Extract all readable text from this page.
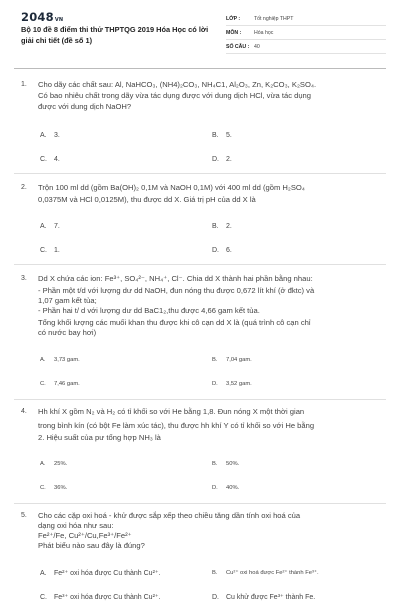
2048VN
Bộ 10 đề 8 điểm thi thử THPTQG 2019 Hóa Học có lời giải chi tiết (đề số 1)
LỚP :	Tốt nghiệp THPT
MÔN : Hóa học
SỐ CÂU : 40
1. Cho dãy các chất sau: Al, NaHCO₃, (NH4)₂CO₃, NH₄C1, Al₂O₃, Zn, K₂CO₃, K₂SO₄.
Có bao nhiêu chất trong dãy vừa tác dụng được với dung dịch HCl, vừa tác dụng
được với dung dịch NaOH?
A. 3.	B. 5.
C. 4.	D. 2.
2. Trộn 100 ml dd (gồm Ba(OH)₂ 0,1M và NaOH 0,1M) với 400 ml dd (gồm H₂SO₄
0,0375M và HCl 0,0125M), thu được dd X. Giá trị pH của dd X là
A. 7.	B. 2.
C. 1.	D. 6.
3. Dd X chứa các ion: Fe³⁺, SO₄²⁻, NH₄⁺, Cl⁻. Chia dd X thành hai phần bằng nhau:
- Phần một t/d với lượng dư dd NaOH, đun nóng thu được 0,672 lít khí (ở đktc) và
1,07 gam kết tủa;
- Phần hai t/ d với lượng dư dd BaC1₂,thu được 4,66 gam kết tủa.
Tổng khối lượng các muối khan thu được khi cô cạn dd X là (quá trình cô cạn chỉ
có nước bay hơi)
A. 3,73 gam.	B. 7,04 gam.
C. 7,46 gam.	D. 3,52 gam.
4. Hh khí X gồm N₂ và H₂ có tỉ khối so với He bằng 1,8. Đun nóng X một thời gian
trong bình kín (có bột Fe làm xúc tác), thu được hh khí Y có tỉ khối so với He bằng
2. Hiệu suất của pư tổng hợp NH₃ là
A. 25%.	B. 50%.
C. 36%.	D. 40%.
5. Cho các cặp oxi hoá - khử được sắp xếp theo chiều tăng dần tính oxi hoá của
dạng oxi hóa như sau:
Fe²⁺/Fe, Cu²⁺/Cu,Fe³⁺/Fe²⁺
Phát biểu nào sau đây là đúng?
A. Fe²⁺ oxi hóa được Cu thành Cu²⁺.	B. Cu²⁺ oxi hoá được Fe²⁺ thành Fe³⁺.
C. Fe³⁺ oxi hóa được Cu thành Cu²⁺.	D. Cu khử được Fe³⁺ thành Fe.
